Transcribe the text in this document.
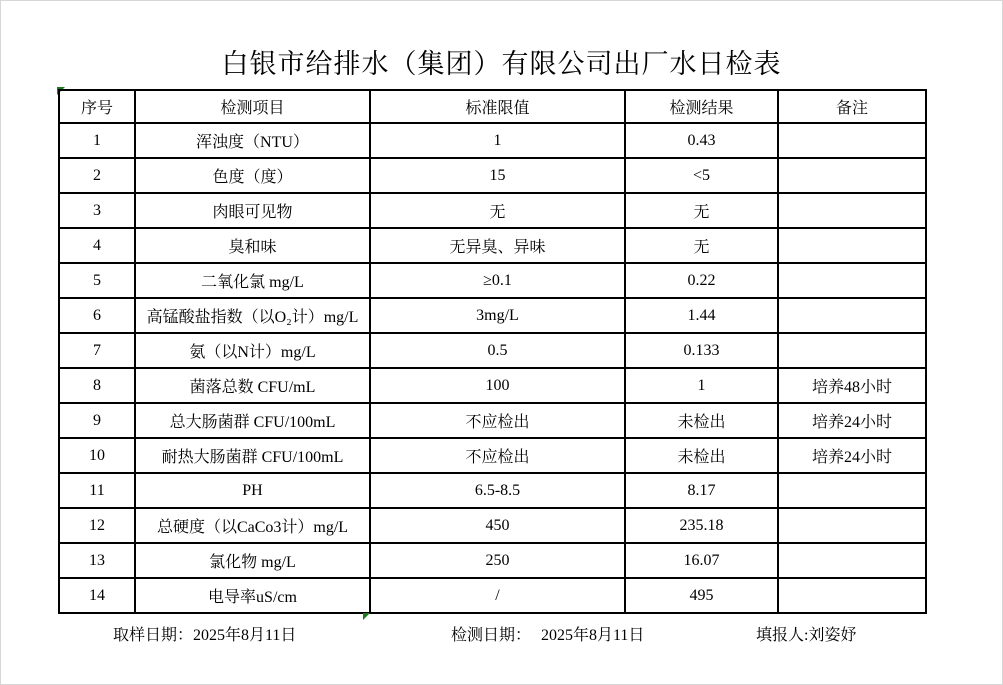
白银市给排水（集团）有限公司出厂水日检表
序号	检测项目	标准限值	检测结果	备注
1	浑浊度（NTU）	1	0.43	
2	色度（度）	15	<5	
3	肉眼可见物	无	无	
4	臭和味	无异臭、异味	无	
5	二氧化氯 mg/L	≥0.1	0.22	
6	高锰酸盐指数（以O₂计）mg/L	3mg/L	1.44	
7	氨（以N计）mg/L	0.5	0.133	
8	菌落总数 CFU/mL	100	1	培养48小时
9	总大肠菌群 CFU/100mL	不应检出	未检出	培养24小时
10	耐热大肠菌群 CFU/100mL	不应检出	未检出	培养24小时
11	PH	6.5-8.5	8.17	
12	总硬度（以CaCo3计）mg/L	450	235.18	
13	氯化物 mg/L	250	16.07	
14	电导率uS/cm	/	495	
取样日期：2025年8月11日	检测日期： 2025年8月11日	填报人:刘姿妤
